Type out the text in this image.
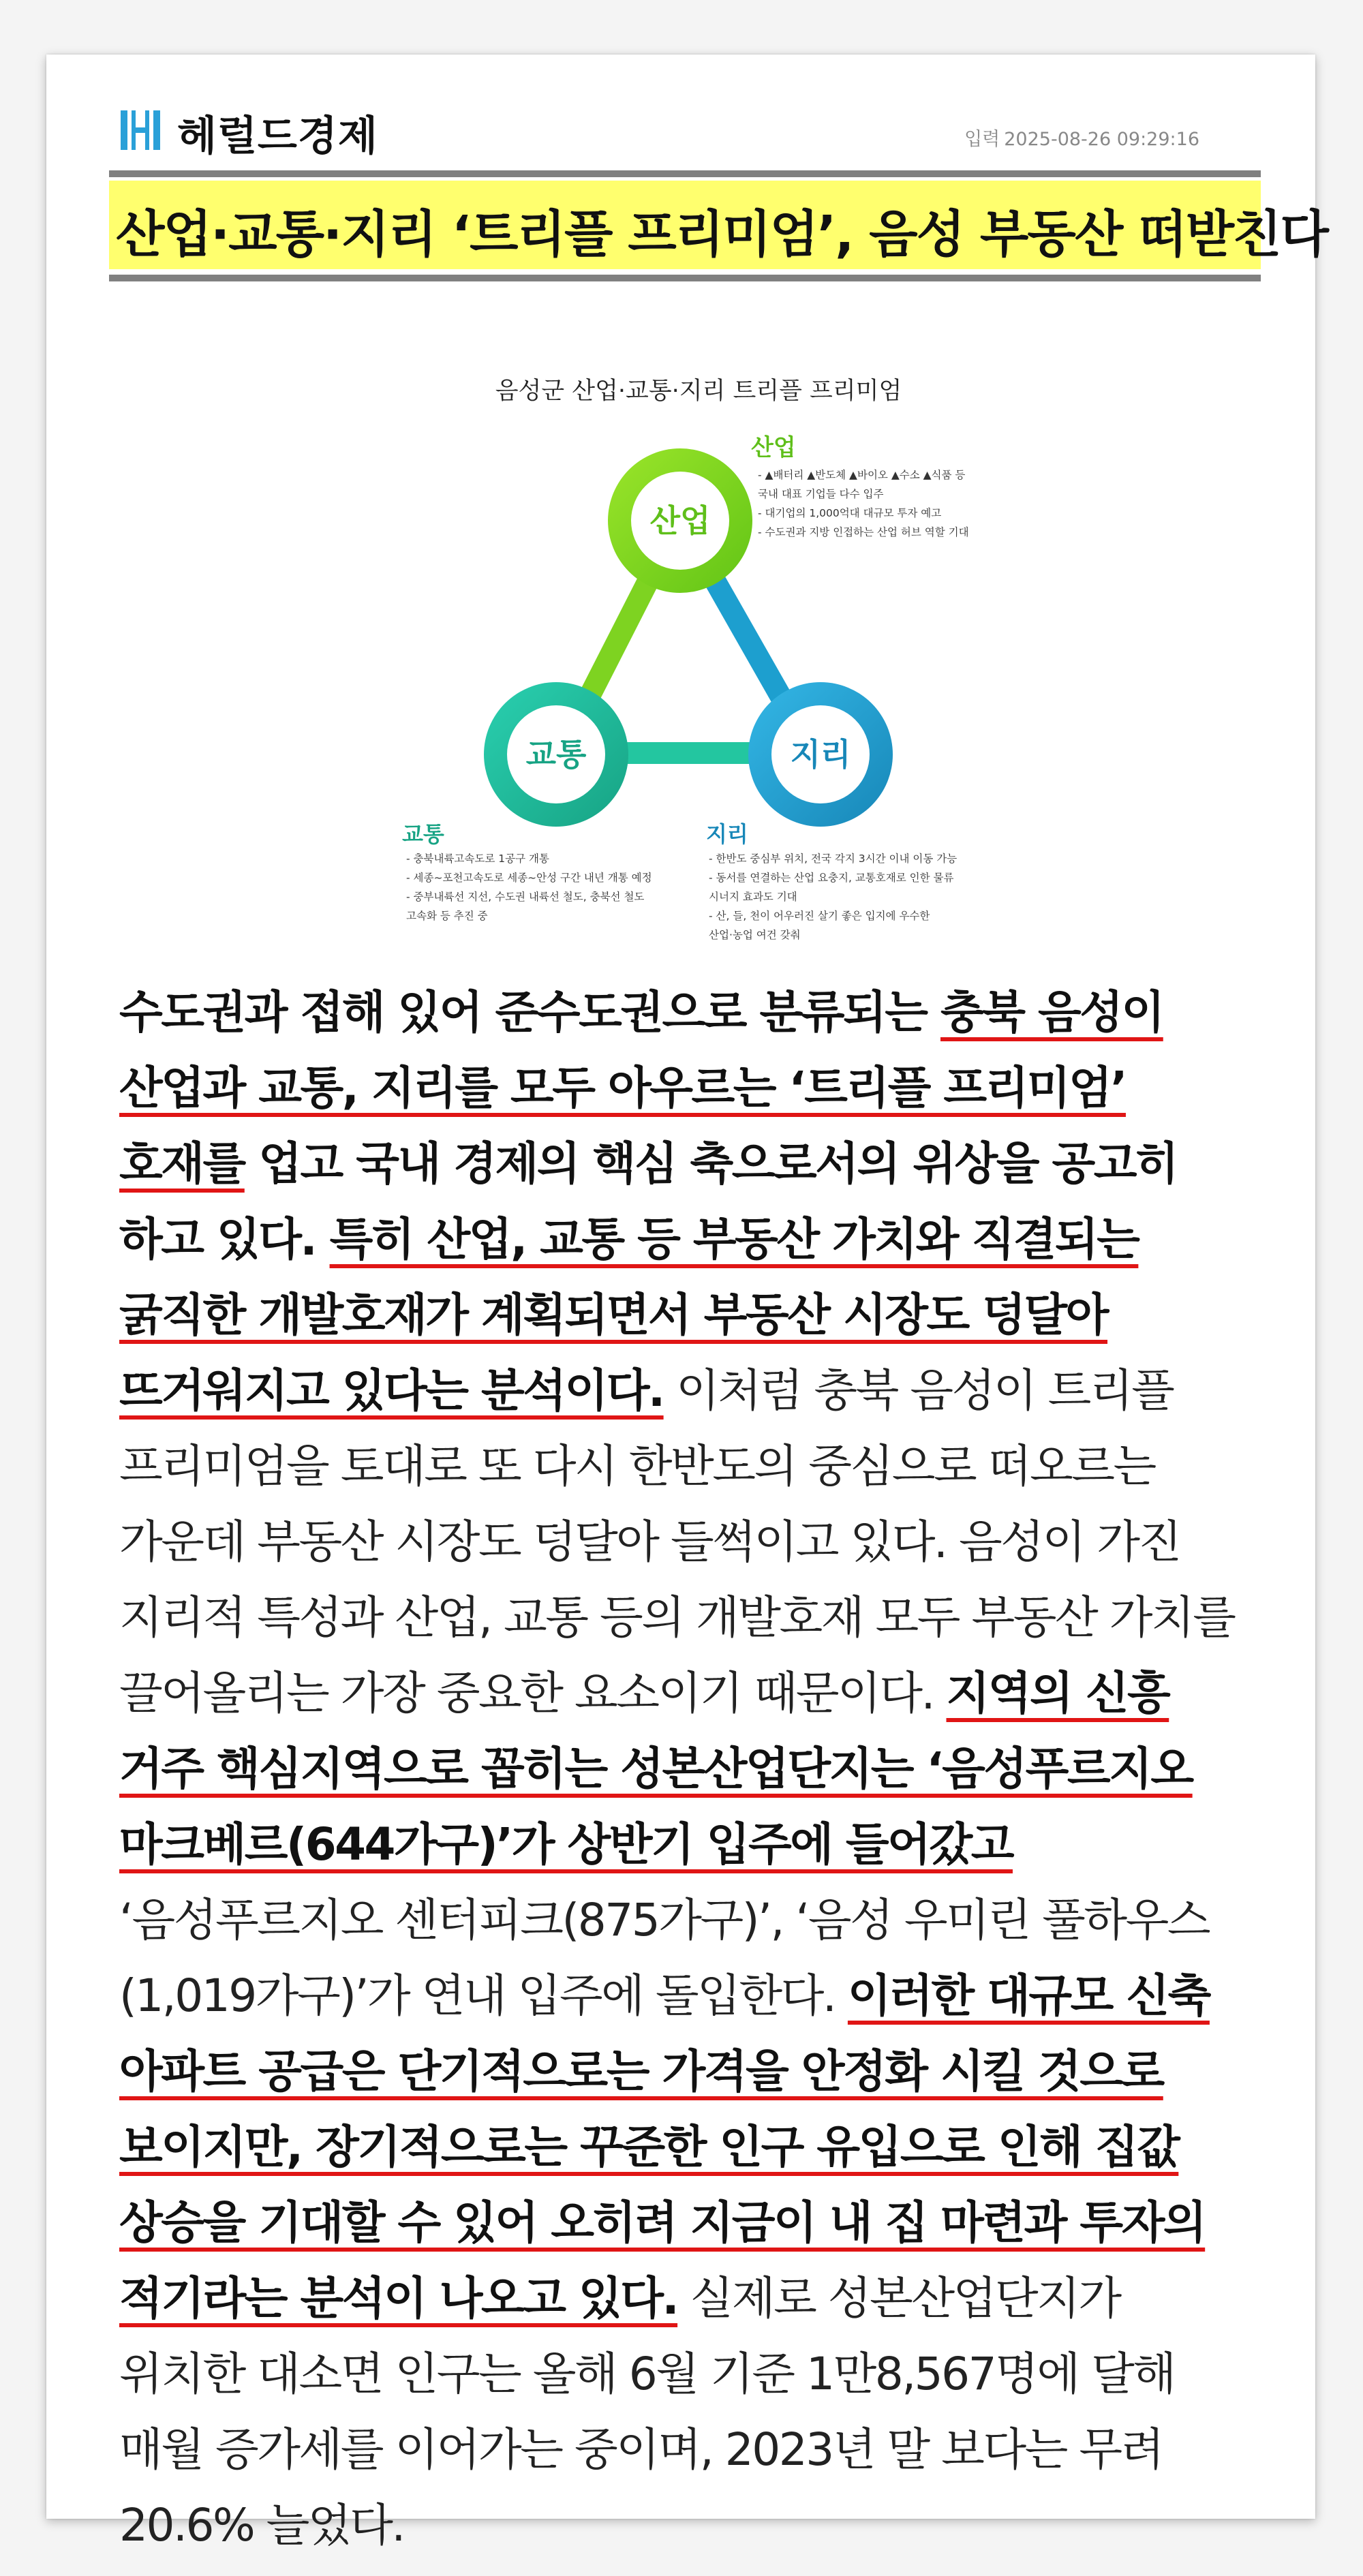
헤럴드경제	입력 2025-08-26 09:29:16
산업·교통·지리 ‘트리플 프리미엄’, 음성 부동산 떠받친다
음성군 산업·교통·지리 트리플 프리미엄
산업
교통	지리
산업
- ▲배터리 ▲반도체 ▲바이오 ▲수소 ▲식품 등
국내 대표 기업들 다수 입주
- 대기업의 1,000억대 대규모 투자 예고
- 수도권과 지방 인접하는 산업 허브 역할 기대
교통
- 충북내륙고속도로 1공구 개통
- 세종~포천고속도로 세종~안성 구간 내년 개통 예정
- 중부내륙선 지선, 수도권 내륙선 철도, 충북선 철도
고속화 등 추진 중
지리
- 한반도 중심부 위치, 전국 각지 3시간 이내 이동 가능
- 동서를 연결하는 산업 요충지, 교통호재로 인한 물류
시너지 효과도 기대
- 산, 들, 천이 어우러진 살기 좋은 입지에 우수한
산업·농업 여건 갖춰

수도권과 접해 있어 준수도권으로 분류되는 충북 음성이 산업과 교통, 지리를 모두 아우르는 ‘트리플 프리미엄’ 호재를 업고 국내 경제의 핵심 축으로서의 위상을 공고히 하고 있다. 특히 산업, 교통 등 부동산 가치와 직결되는 굵직한 개발호재가 계획되면서 부동산 시장도 덩달아 뜨거워지고 있다는 분석이다. 이처럼 충북 음성이 트리플 프리미엄을 토대로 또 다시 한반도의 중심으로 떠오르는 가운데 부동산 시장도 덩달아 들썩이고 있다. 음성이 가진 지리적 특성과 산업, 교통 등의 개발호재 모두 부동산 가치를 끌어올리는 가장 중요한 요소이기 때문이다. 지역의 신흥 거주 핵심지역으로 꼽히는 성본산업단지는 ‘음성푸르지오 마크베르(644가구)’가 상반기 입주에 들어갔고 ‘음성푸르지오 센터피크(875가구)’, ‘음성 우미린 풀하우스(1,019가구)’가 연내 입주에 돌입한다. 이러한 대규모 신축 아파트 공급은 단기적으로는 가격을 안정화 시킬 것으로 보이지만, 장기적으로는 꾸준한 인구 유입으로 인해 집값 상승을 기대할 수 있어 오히려 지금이 내 집 마련과 투자의 적기라는 분석이 나오고 있다. 실제로 성본산업단지가 위치한 대소면 인구는 올해 6월 기준 1만8,567명에 달해 매월 증가세를 이어가는 중이며, 2023년 말 보다는 무려 20.6% 늘었다.
